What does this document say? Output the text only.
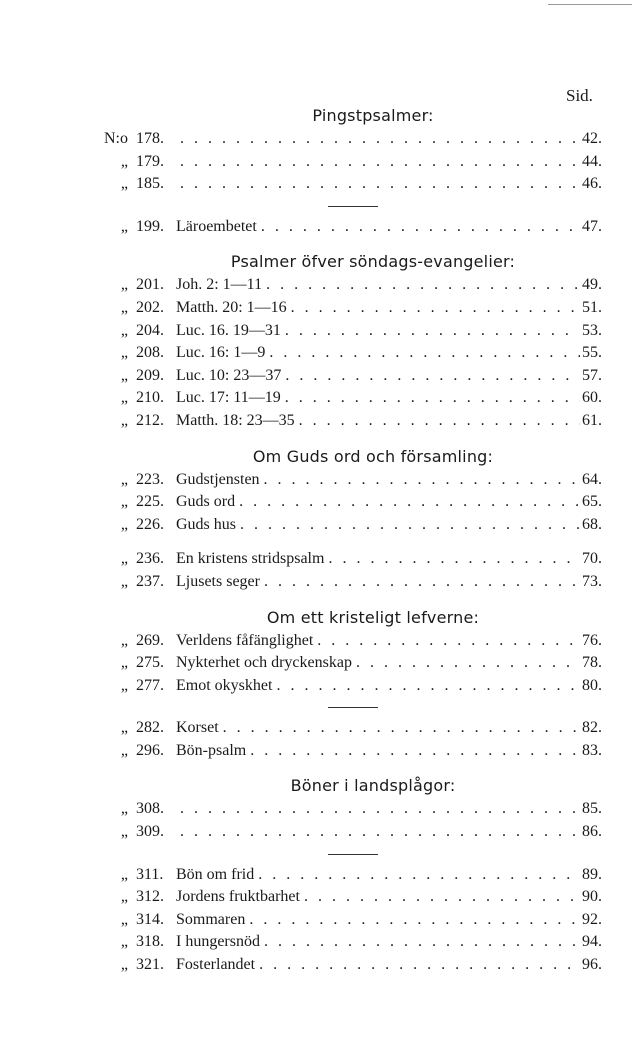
Sid.
Pingstpsalmer:
N:o 178. . . .	42.
„ 179. . . .	44.
„ 185. . . .	46.
„ 199. Läroembetet . . .	47.
Psalmer öfver söndags-evangelier:
„ 201. Joh. 2: 1—11 . . .	49.
„ 202. Matth. 20: 1—16 . . .	51.
„ 204. Luc. 16. 19—31 . . .	53.
„ 208. Luc. 16: 1—9 . . .	55.
„ 209. Luc. 10: 23—37 . . .	57.
„ 210. Luc. 17: 11—19 . . .	60.
„ 212. Matth. 18: 23—35 . . .	61.
Om Guds ord och församling:
„ 223. Gudstjensten . . .	64.
„ 225. Guds ord . . .	65.
„ 226. Guds hus . . .	68.
„ 236. En kristens stridspsalm . . .	70.
„ 237. Ljusets seger . . .	73.
Om ett kristeligt lefverne:
„ 269. Verldens fåfänglighet . . .	76.
„ 275. Nykterhet och dryckenskap . . .	78.
„ 277. Emot okyskhet . . .	80.
„ 282. Korset . . .	82.
„ 296. Bön-psalm . . .	83.
Böner i landsplågor:
„ 308. . . .	85.
„ 309. . . .	86.
„ 311. Bön om frid . . .	89.
„ 312. Jordens fruktbarhet . . .	90.
„ 314. Sommaren . . .	92.
„ 318. I hungersnöd . . .	94.
„ 321. Fosterlandet . . .	96.
